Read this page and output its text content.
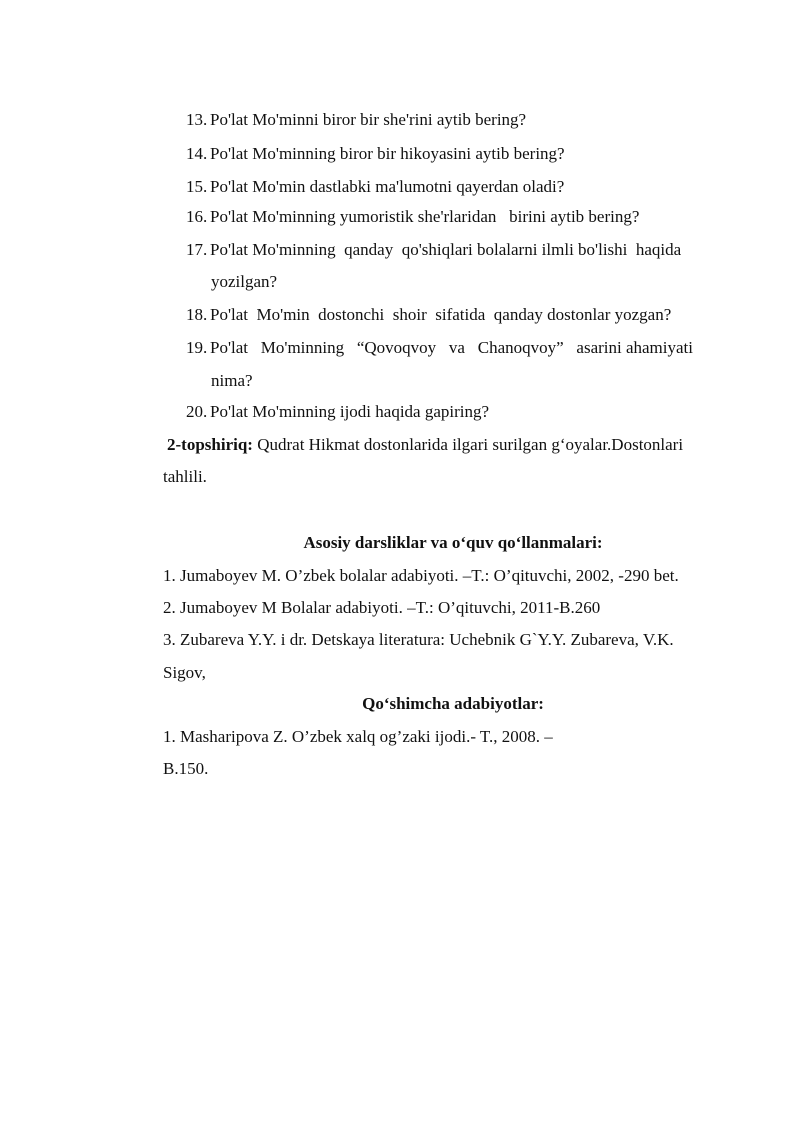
13. Po'lat Mo'minni biror bir she'rini aytib bering?
14. Po'lat Mo'minning biror bir hikoyasini aytib bering?
15. Po'lat Mo'min dastlabki ma'lumotni qayerdan oladi?
16. Po'lat Mo'minning yumoristik she'rlaridan   birini aytib bering?
17. Po'lat Mo'minning  qanday  qo'shiqlari bolalarni ilmli bo'lishi  haqida
yozilgan?
18. Po'lat  Mo'min  dostonchi  shoir  sifatida  qanday dostonlar yozgan?
19. Po'lat   Mo'minning   “Qovoqvoy   va   Chanoqvoy”   asarini ahamiyati
nima?
20. Po'lat Mo'minning ijodi haqida gapiring?
2-topshiriq: Qudrat Hikmat dostonlarida ilgari surilgan g‘oyalar.Dostonlari
tahlili.
Asosiy darsliklar va o‘quv qo‘llanmalari:
1. Jumaboyev M. O’zbek bolalar adabiyoti. –T.: O’qituvchi, 2002, -290 bet.
2. Jumaboyev M Bolalar adabiyoti. –T.: O’qituvchi, 2011-B.260
3. Zubareva Y.Y. i dr. Detskaya literatura: Uchebnik G`Y.Y. Zubareva, V.K.
Sigov,
Qo‘shimcha adabiyotlar:
1. Masharipova Z. O’zbek xalq og’zaki ijodi.- T., 2008. –
B.150.
